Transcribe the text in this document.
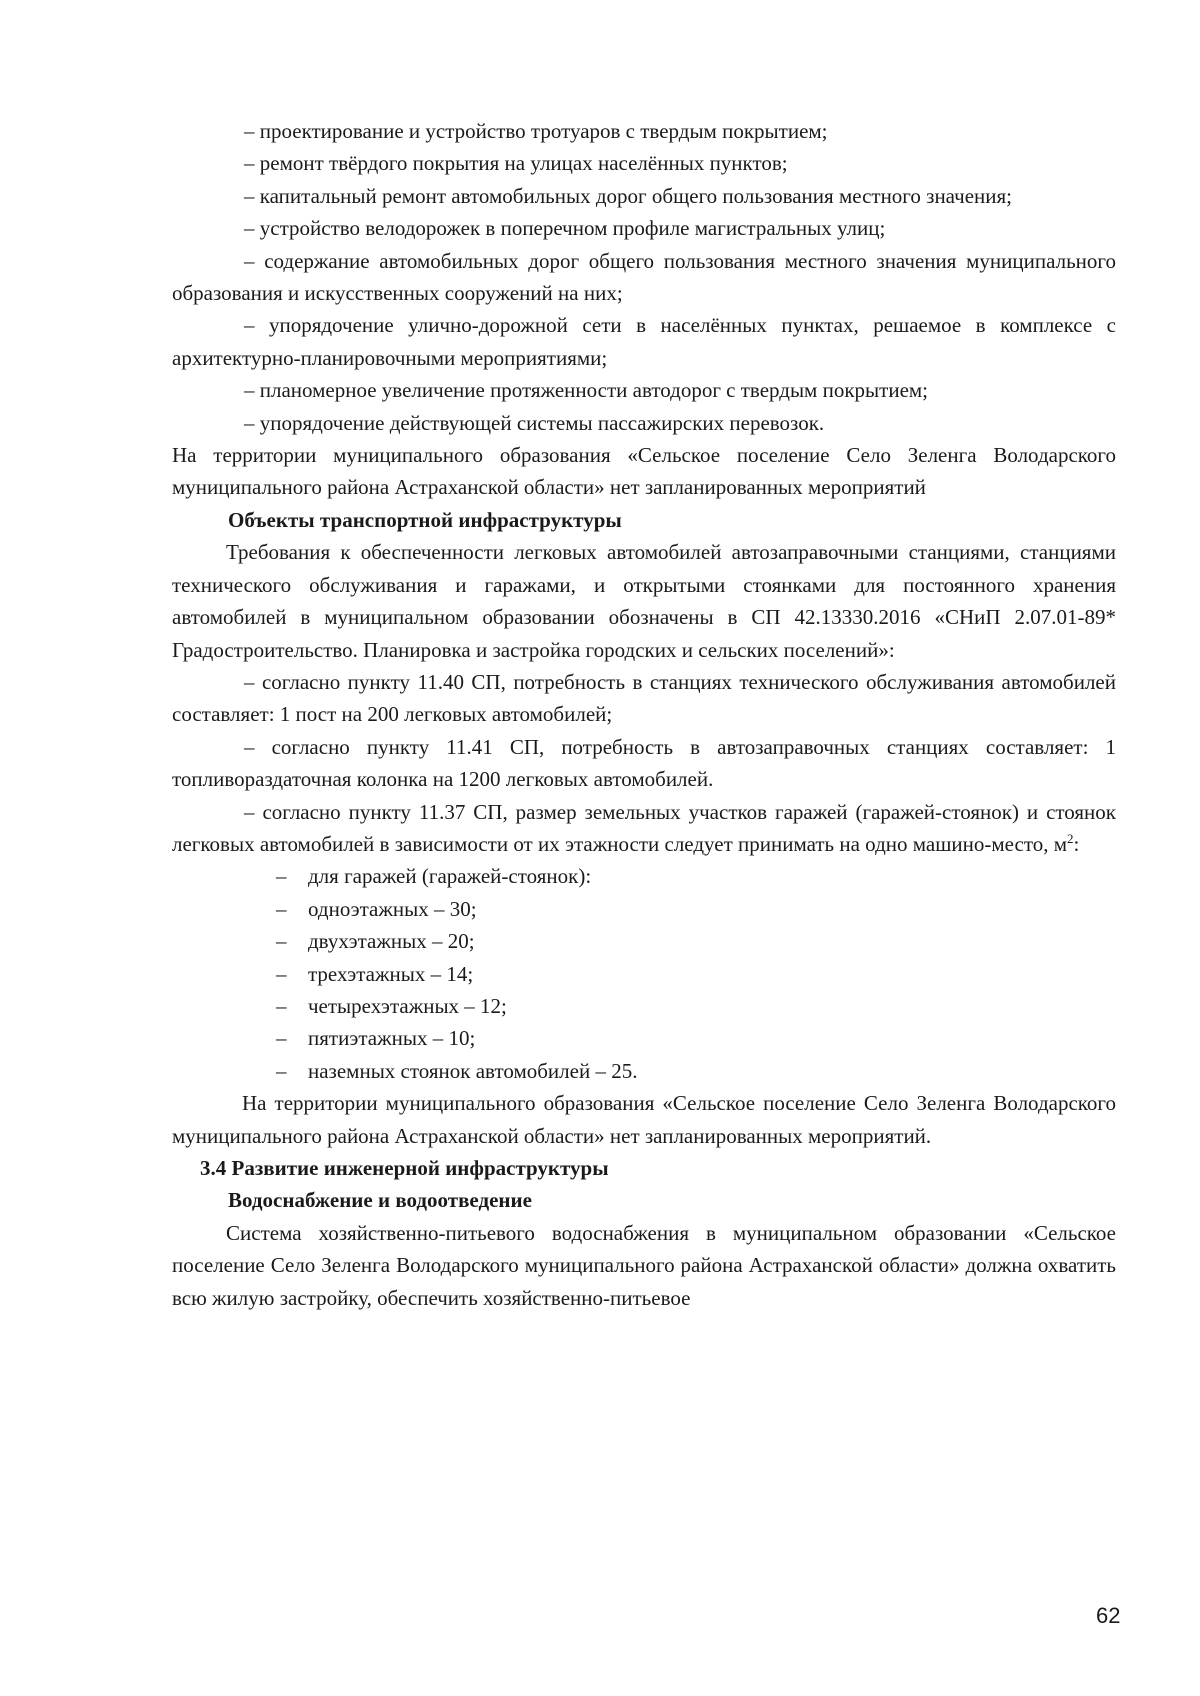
– проектирование и устройство тротуаров с твердым покрытием;

– ремонт твёрдого покрытия на улицах населённых пунктов;

– капитальный ремонт автомобильных дорог общего пользования местного значения;

– устройство велодорожек в поперечном профиле магистральных улиц;

– содержание автомобильных дорог общего пользования местного значения муниципального образования и искусственных сооружений на них;

– упорядочение улично-дорожной сети в населённых пунктах, решаемое в комплексе с архитектурно-планировочными мероприятиями;

– планомерное увеличение протяженности автодорог с твердым покрытием;

– упорядочение действующей системы пассажирских перевозок.

На территории муниципального образования «Сельское поселение Село Зеленга Володарского муниципального района Астраханской области» нет запланированных мероприятий

Объекты транспортной инфраструктуры

Требования к обеспеченности легковых автомобилей автозаправочными станциями, станциями технического обслуживания и гаражами, и открытыми стоянками для постоянного хранения автомобилей в муниципальном образовании обозначены в СП 42.13330.2016 «СНиП 2.07.01-89* Градостроительство. Планировка и застройка городских и сельских поселений»:

– согласно пункту 11.40 СП, потребность в станциях технического обслуживания автомобилей составляет: 1 пост на 200 легковых автомобилей;

– согласно пункту 11.41 СП, потребность в автозаправочных станциях составляет: 1 топливораздаточная колонка на 1200 легковых автомобилей.

– согласно пункту 11.37 СП, размер земельных участков гаражей (гаражей-стоянок) и стоянок легковых автомобилей в зависимости от их этажности следует принимать на одно машино-место, $м^2$:

– для гаражей (гаражей-стоянок):
– одноэтажных – 30;
– двухэтажных – 20;
– трехэтажных – 14;
– четырехэтажных – 12;
– пятиэтажных – 10;
– наземных стоянок автомобилей – 25.

На территории муниципального образования «Сельское поселение Село Зеленга Володарского муниципального района Астраханской области» нет запланированных мероприятий.

3.4 Развитие инженерной инфраструктуры

Водоснабжение и водоотведение

Система хозяйственно-питьевого водоснабжения в муниципальном образовании «Сельское поселение Село Зеленга Володарского муниципального района Астраханской области» должна охватить всю жилую застройку, обеспечить хозяйственно-питьевое

62
